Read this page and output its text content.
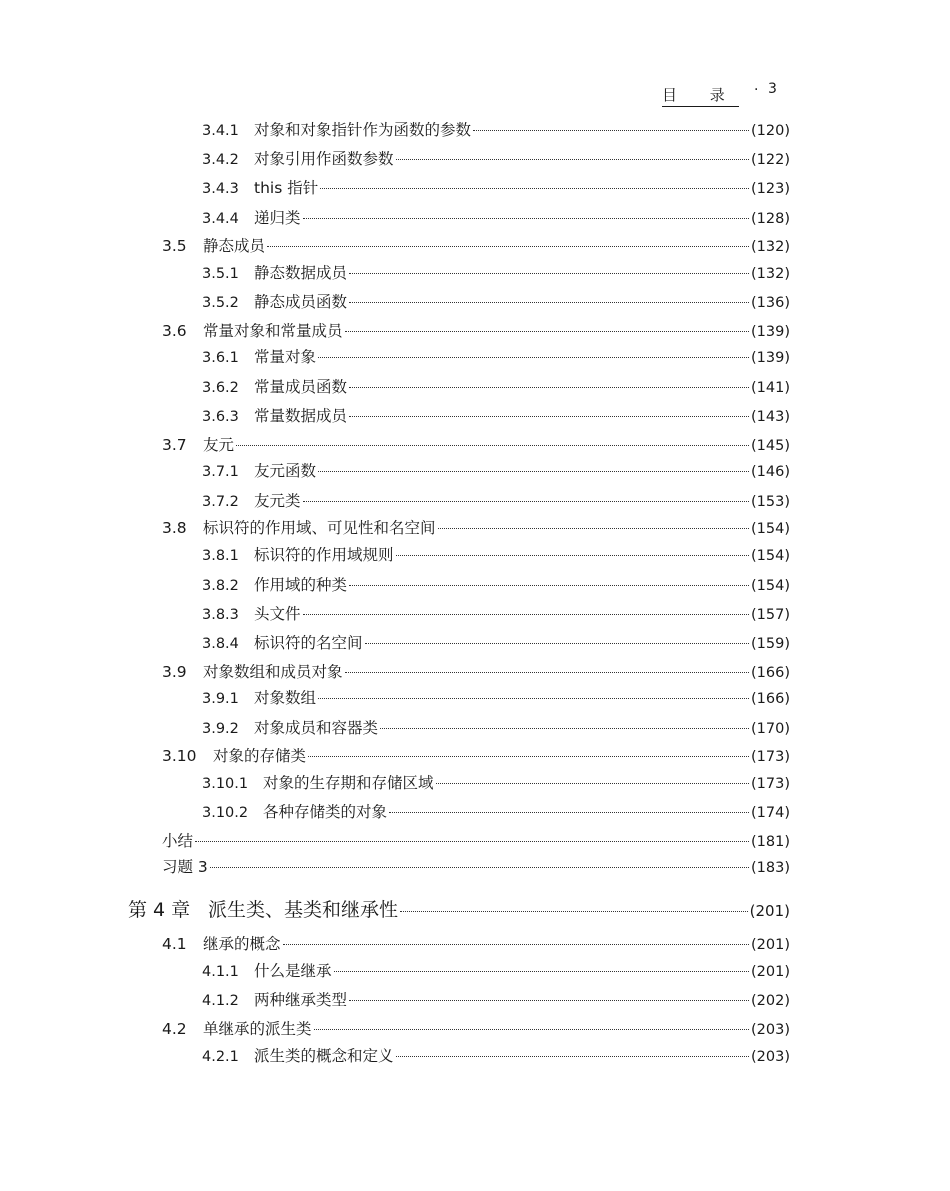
目 录 · 3
3.4.1 对象和对象指针作为函数的参数	(120)
3.4.2 对象引用作函数参数	(122)
3.4.3 this 指针	(123)
3.4.4 递归类	(128)
3.5	静态成员	(132)
3.5.1 静态数据成员	(132)
3.5.2 静态成员函数	(136)
3.6	常量对象和常量成员	(139)
3.6.1 常量对象	(139)
3.6.2 常量成员函数	(141)
3.6.3 常量数据成员	(143)
3.7	友元	(145)
3.7.1 友元函数	(146)
3.7.2 友元类	(153)
3.8	标识符的作用域、可见性和名空间	(154)
3.8.1 标识符的作用域规则	(154)
3.8.2 作用域的种类	(154)
3.8.3 头文件	(157)
3.8.4 标识符的名空间	(159)
3.9	对象数组和成员对象	(166)
3.9.1 对象数组	(166)
3.9.2 对象成员和容器类	(170)
3.10	对象的存储类	(173)
3.10.1 对象的生存期和存储区域	(173)
3.10.2 各种存储类的对象	(174)
小结	(181)
习题 3	(183)
第 4 章 派生类、基类和继承性	(201)
4.1	继承的概念	(201)
4.1.1 什么是继承	(201)
4.1.2 两种继承类型	(202)
4.2	单继承的派生类	(203)
4.2.1 派生类的概念和定义	(203)
